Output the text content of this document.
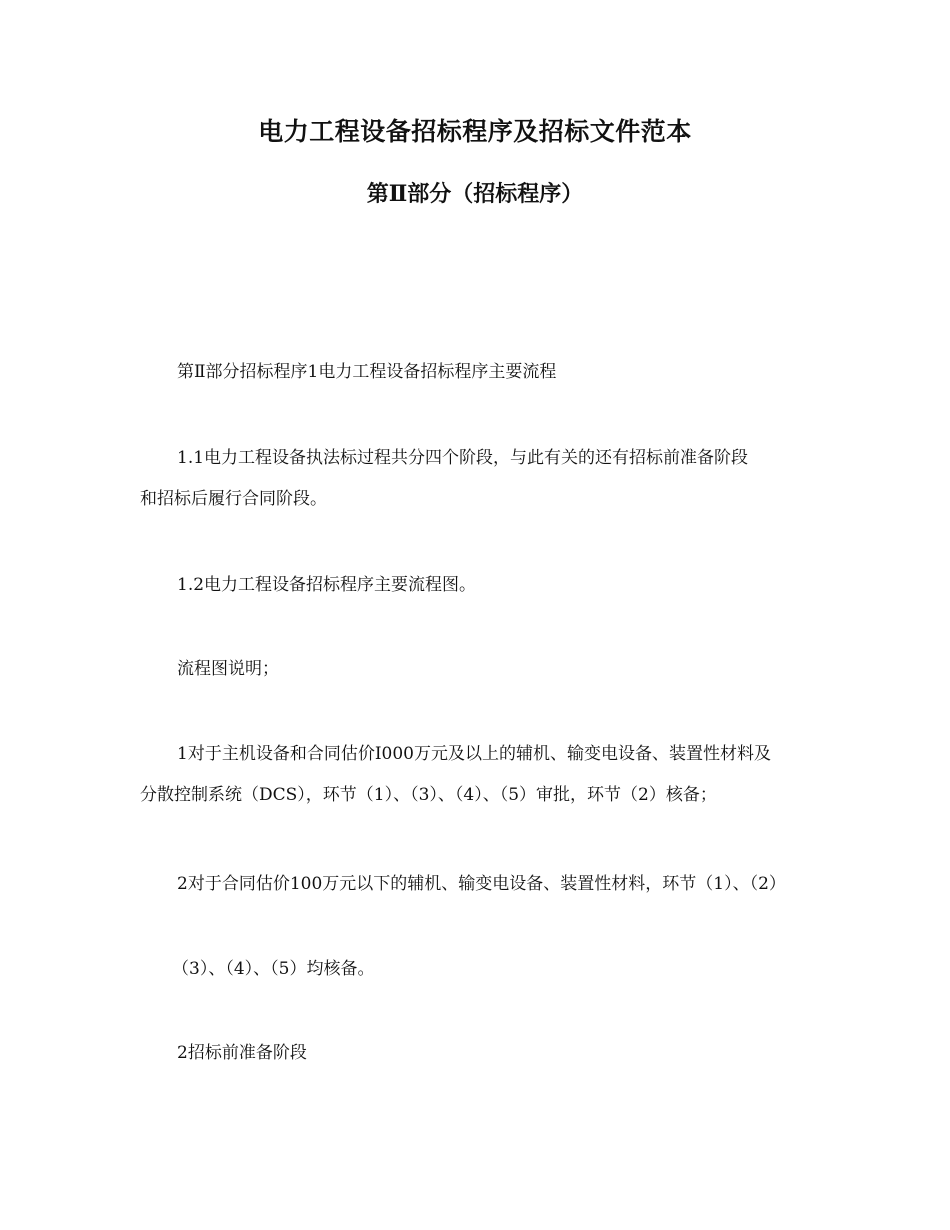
电力工程设备招标程序及招标文件范本
第Ⅱ部分（招标程序）

第Ⅱ部分招标程序1电力工程设备招标程序主要流程

1.1电力工程设备执法标过程共分四个阶段，与此有关的还有招标前准备阶段
和招标后履行合同阶段。

1.2电力工程设备招标程序主要流程图。

流程图说明；

1对于主机设备和合同估价I000万元及以上的辅机、输变电设备、装置性材料及
分散控制系统（DCS），环节（1）、（3）、（4）、（5）审批，环节（2）核备；

2对于合同估价100万元以下的辅机、输变电设备、装置性材料，环节（1）、（2）

（3）、（4）、（5）均核备。

2招标前准备阶段
